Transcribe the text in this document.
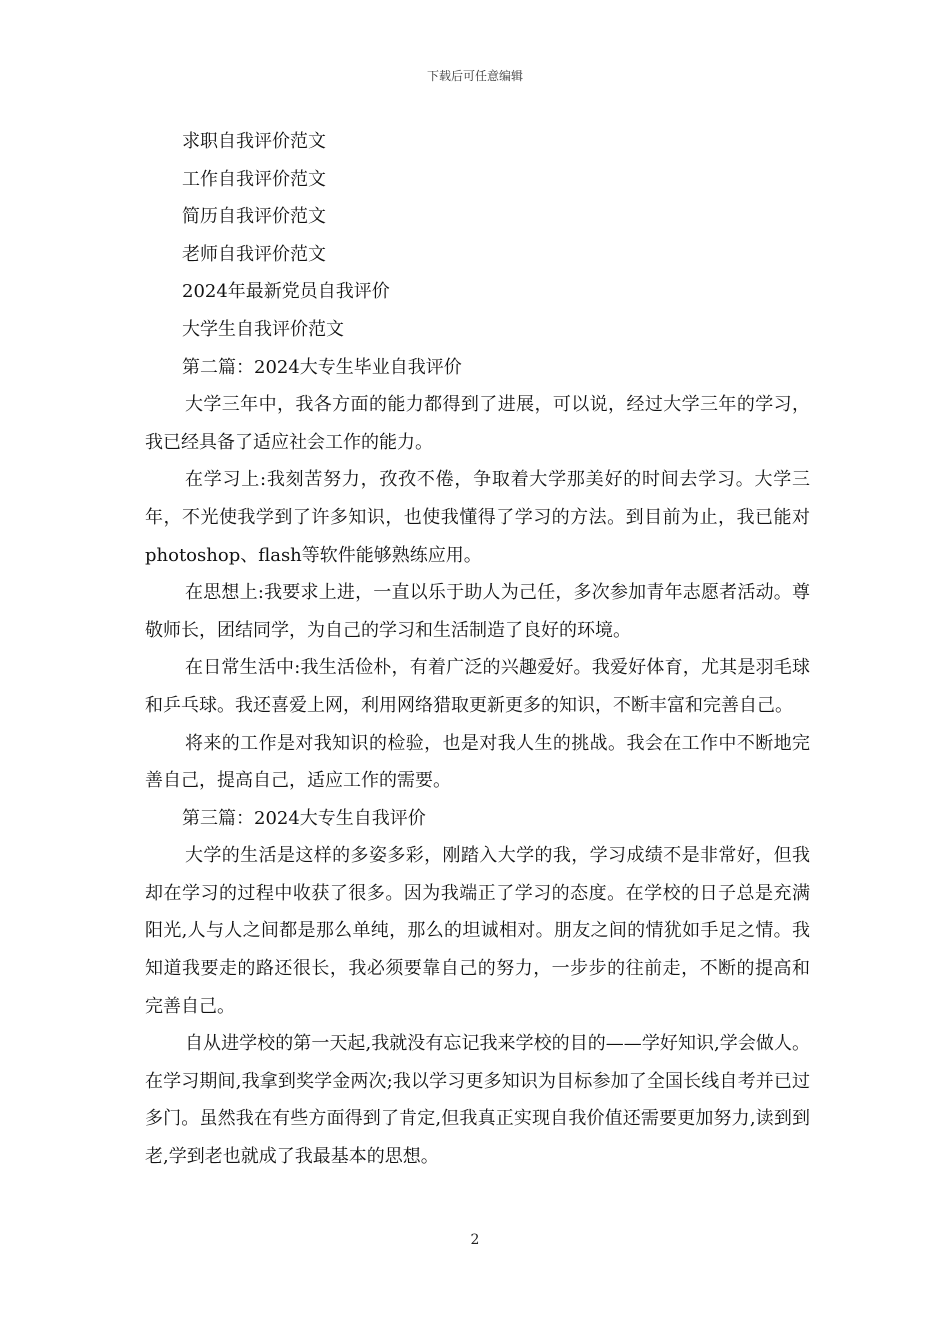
下载后可任意编辑
求职自我评价范文
工作自我评价范文
简历自我评价范文
老师自我评价范文
2024年最新党员自我评价
大学生自我评价范文
第二篇：2024大专生毕业自我评价
大学三年中，我各方面的能力都得到了进展，可以说，经过大学三年的学习，我已经具备了适应社会工作的能力。
在学习上:我刻苦努力，孜孜不倦，争取着大学那美好的时间去学习。大学三年，不光使我学到了许多知识，也使我懂得了学习的方法。到目前为止，我已能对photoshop、flash等软件能够熟练应用。
在思想上:我要求上进，一直以乐于助人为己任，多次参加青年志愿者活动。尊敬师长，团结同学，为自己的学习和生活制造了良好的环境。
在日常生活中:我生活俭朴，有着广泛的兴趣爱好。我爱好体育，尤其是羽毛球和乒乓球。我还喜爱上网，利用网络猎取更新更多的知识，不断丰富和完善自己。
将来的工作是对我知识的检验，也是对我人生的挑战。我会在工作中不断地完善自己，提高自己，适应工作的需要。
第三篇：2024大专生自我评价
大学的生活是这样的多姿多彩，刚踏入大学的我，学习成绩不是非常好，但我却在学习的过程中收获了很多。因为我端正了学习的态度。在学校的日子总是充满阳光,人与人之间都是那么单纯，那么的坦诚相对。朋友之间的情犹如手足之情。我知道我要走的路还很长，我必须要靠自己的努力，一步步的往前走，不断的提高和完善自己。
自从进学校的第一天起,我就没有忘记我来学校的目的——学好知识,学会做人。在学习期间,我拿到奖学金两次;我以学习更多知识为目标参加了全国长线自考并已过多门。虽然我在有些方面得到了肯定,但我真正实现自我价值还需要更加努力,读到到老,学到老也就成了我最基本的思想。
2
